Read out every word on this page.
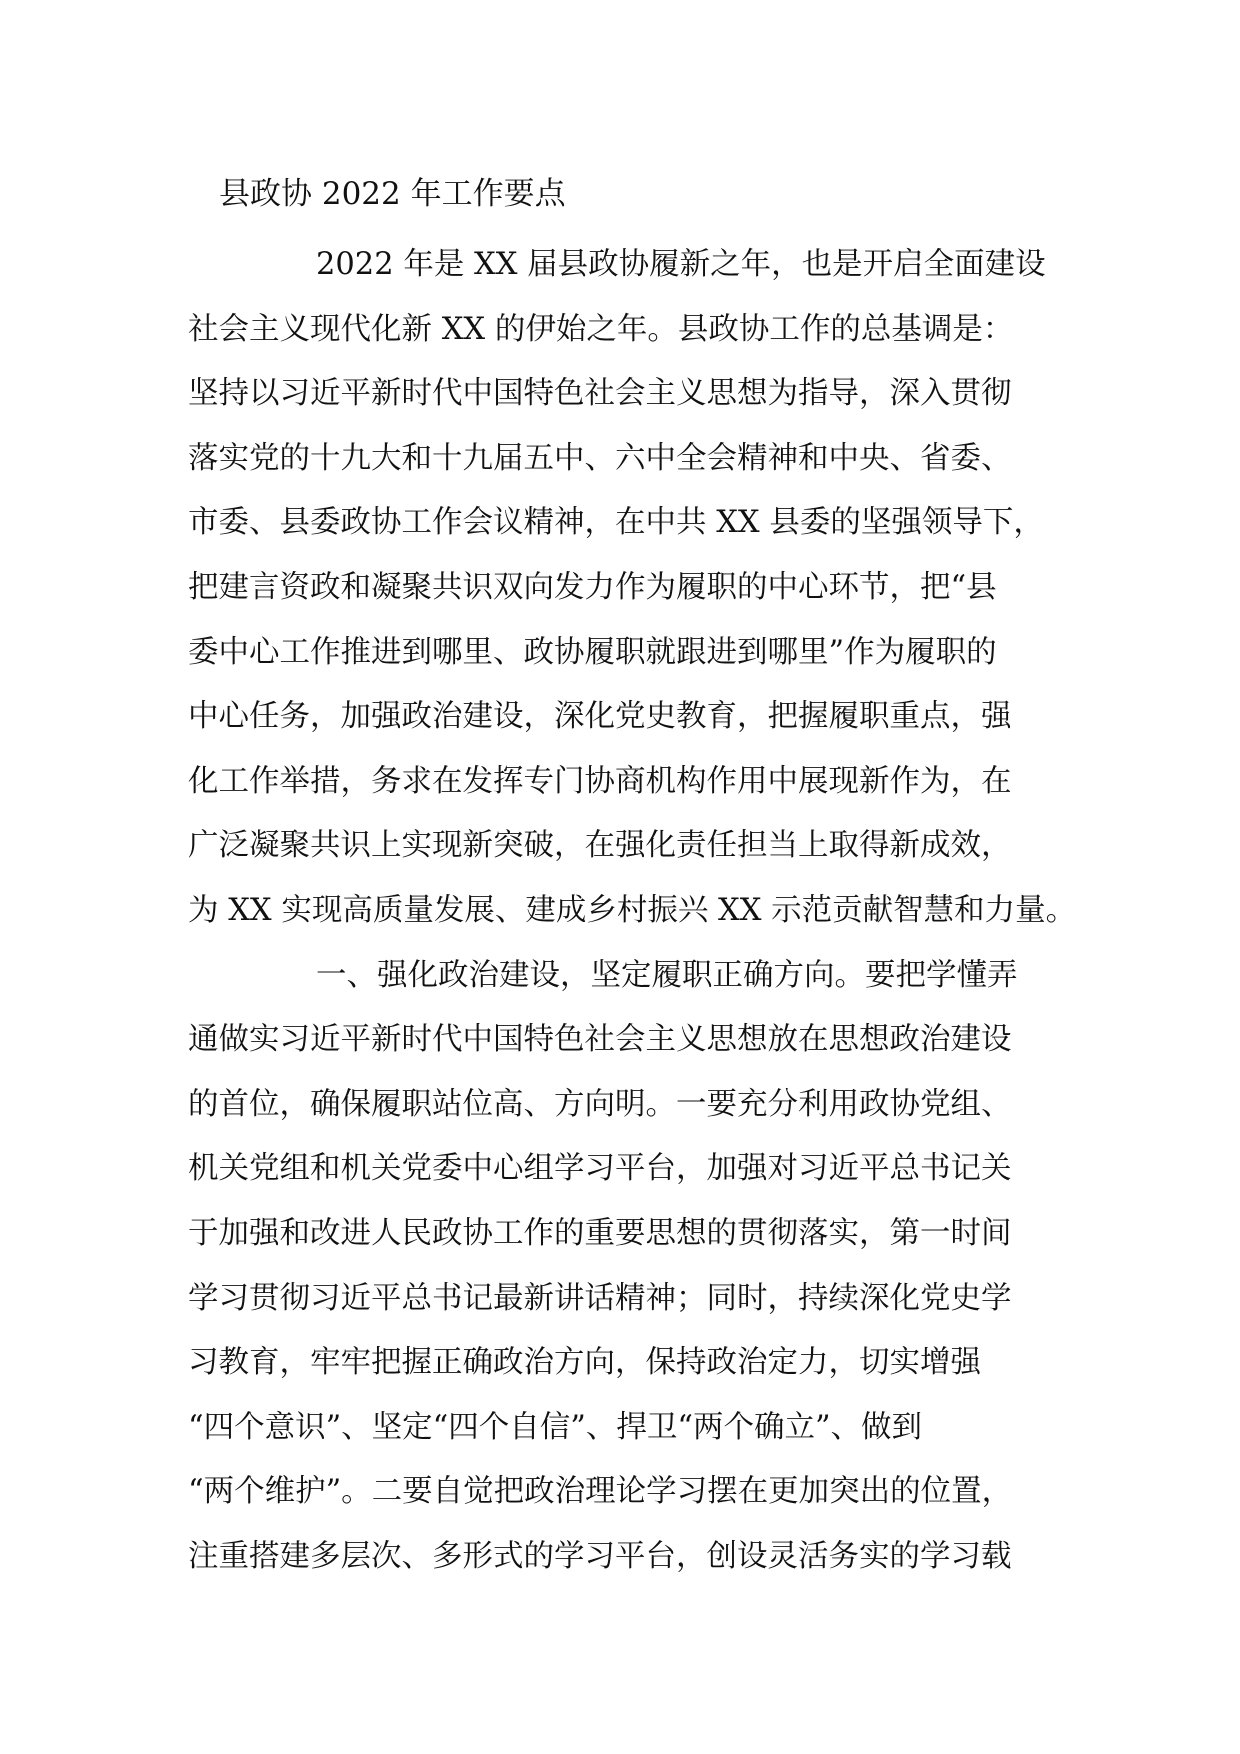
县政协 2022 年工作要点
2022 年是 XX 届县政协履新之年，也是开启全面建设
社会主义现代化新 XX 的伊始之年。县政协工作的总基调是：
坚持以习近平新时代中国特色社会主义思想为指导，深入贯彻
落实党的十九大和十九届五中、六中全会精神和中央、省委、
市委、县委政协工作会议精神，在中共 XX 县委的坚强领导下，
把建言资政和凝聚共识双向发力作为履职的中心环节，把“县
委中心工作推进到哪里、政协履职就跟进到哪里”作为履职的
中心任务，加强政治建设，深化党史教育，把握履职重点，强
化工作举措，务求在发挥专门协商机构作用中展现新作为，在
广泛凝聚共识上实现新突破，在强化责任担当上取得新成效，
为 XX 实现高质量发展、建成乡村振兴 XX 示范贡献智慧和力量。
一、强化政治建设，坚定履职正确方向。要把学懂弄
通做实习近平新时代中国特色社会主义思想放在思想政治建设
的首位，确保履职站位高、方向明。一要充分利用政协党组、
机关党组和机关党委中心组学习平台，加强对习近平总书记关
于加强和改进人民政协工作的重要思想的贯彻落实，第一时间
学习贯彻习近平总书记最新讲话精神；同时，持续深化党史学
习教育，牢牢把握正确政治方向，保持政治定力，切实增强
“四个意识”、坚定“四个自信”、捍卫“两个确立”、做到
“两个维护”。二要自觉把政治理论学习摆在更加突出的位置，
注重搭建多层次、多形式的学习平台，创设灵活务实的学习载
